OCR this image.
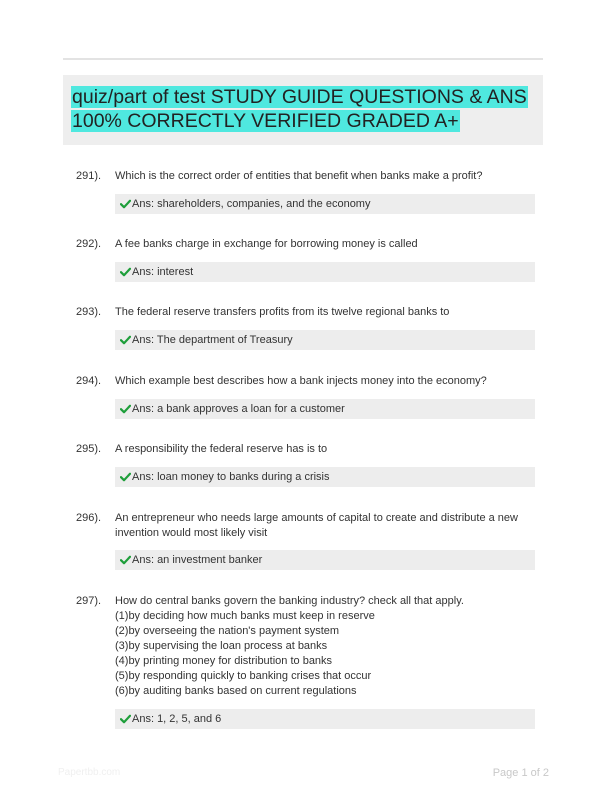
quiz/part of test STUDY GUIDE QUESTIONS & ANS 100% CORRECTLY VERIFIED GRADED A+
291). Which is the correct order of entities that benefit when banks make a profit?
Ans: shareholders, companies, and the economy
292). A fee banks charge in exchange for borrowing money is called
Ans: interest
293). The federal reserve transfers profits from its twelve regional banks to
Ans: The department of Treasury
294). Which example best describes how a bank injects money into the economy?
Ans: a bank approves a loan for a customer
295). A responsibility the federal reserve has is to
Ans: loan money to banks during a crisis
296). An entrepreneur who needs large amounts of capital to create and distribute a new
invention would most likely visit
Ans: an investment banker
297). How do central banks govern the banking industry? check all that apply.
(1)by deciding how much banks must keep in reserve
(2)by overseeing the nation's payment system
(3)by supervising the loan process at banks
(4)by printing money for distribution to banks
(5)by responding quickly to banking crises that occur
(6)by auditing banks based on current regulations
Ans: 1, 2, 5, and 6
Papertbb.com	Page 1 of 2
